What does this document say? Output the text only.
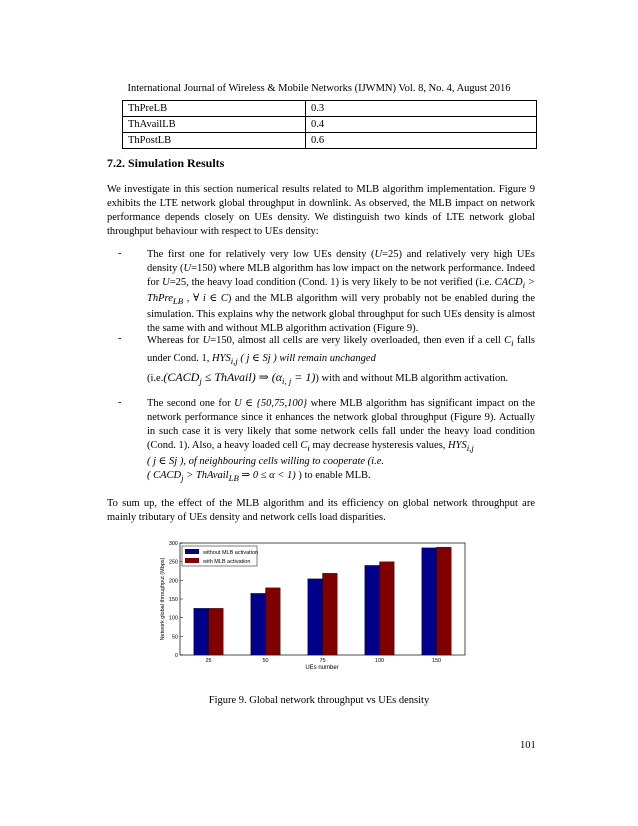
International Journal of Wireless & Mobile Networks (IJWMN) Vol. 8, No. 4, August 2016
ThPreLB	0.3
ThAvailLB	0.4
ThPostLB	0.6
7.2. Simulation Results
We investigate in this section numerical results related to MLB algorithm implementation. Figure 9 exhibits the LTE network global throughput in downlink. As observed, the MLB impact on network performance depends closely on UEs density. We distinguish two kinds of LTE network global throughput behaviour with respect to UEs density:
- The first one for relatively very low UEs density (U=25) and relatively very high UEs density (U=150) where MLB algorithm has low impact on the network performance. Indeed for U=25, the heavy load condition (Cond. 1) is very likely to be not verified (i.e. $CACD_i$ > ThPre$_{LB}$ , ∀ i ∈ C) and the MLB algorithm will very probably not be enabled during the simulation. This explains why the network global throughput for such UEs density is almost the same with and without MLB algorithm activation (Figure 9).
- Whereas for U=150, almost all cells are very likely overloaded, then even if a cell $C_i$ falls under Cond. 1, $HYS_{i,j}$ ( j ∈ Sj ) will remain unchanged
($i.e.(CACD_j$ ≤ ThAvail) ⇒ $(\alpha_{i, j} = 1)$) with and without MLB algorithm activation.
- The second one for U ∈ {50,75,100} where MLB algorithm has significant impact on the network performance since it enhances the network global throughput (Figure 9). Actually in such case it is very likely that some network cells fall under the heavy load condition (Cond. 1). Also, a heavy loaded cell $C_i$ may decrease hysteresis values, $HYS_{i,j}$
( j ∈ Sj ), of neighbouring cells willing to cooperate (i.e.
( $CACD_j$ > ThAvail$_{LB}$ ⇒ 0 ≤ α < 1) ) to enable MLB.
To sum up, the effect of the MLB algorithm and its efficiency on global network throughput are mainly tributary of UEs density and network cells load disparities.
25	50	75	100	150
0
50
100
150
200
250
300
without MLB activation
with MLB activation
UEs number
Network global throughput (Mbps)
Figure 9. Global network throughput vs UEs density
101
